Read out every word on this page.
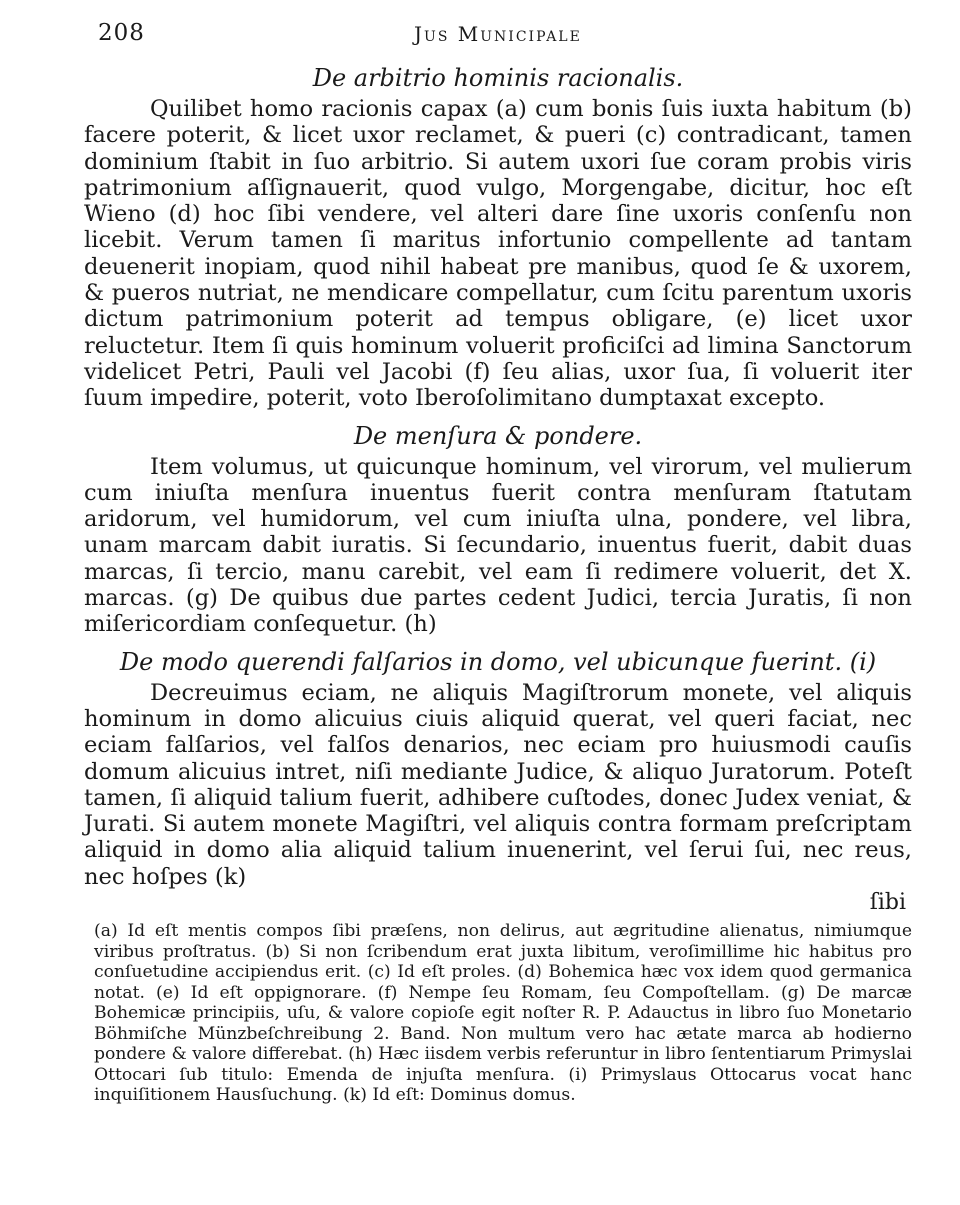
208	Jus Municipale
De arbitrio hominis racionalis.

Quilibet homo racionis capax (a) cum bonis ſuis iuxta habitum (b) facere poterit, & licet uxor reclamet, & pueri (c) contradicant, tamen dominium ſtabit in ſuo arbitrio. Si autem uxori ſue coram probis viris patrimonium aſſignauerit, quod vulgo, Morgengabe, dicitur, hoc eſt Wieno (d) hoc ſibi vendere, vel alteri dare ſine uxoris conſenſu non licebit. Verum tamen ſi maritus infortunio compellente ad tantam deuenerit inopiam, quod nihil habeat pre manibus, quod ſe & uxorem, & pueros nutriat, ne mendicare compellatur, cum ſcitu parentum uxoris dictum patrimonium poterit ad tempus obligare, (e) licet uxor reluctetur. Item ſi quis hominum voluerit proficiſci ad limina Sanctorum videlicet Petri, Pauli vel Jacobi (f) ſeu alias, uxor ſua, ſi voluerit iter ſuum impedire, poterit, voto Iberoſolimitano dumptaxat excepto.

De menſura & pondere.

Item volumus, ut quicunque hominum, vel virorum, vel mulierum cum iniuſta menſura inuentus fuerit contra menſuram ſtatutam aridorum, vel humidorum, vel cum iniuſta ulna, pondere, vel libra, unam marcam dabit iuratis. Si ſecundario, inuentus fuerit, dabit duas marcas, ſi tercio, manu carebit, vel eam ſi redimere voluerit, det X. marcas. (g) De quibus due partes cedent Judici, tercia Juratis, ſi non miſericordiam conſequetur. (h)

De modo querendi falſarios in domo, vel ubicunque fuerint. (i)

Decreuimus eciam, ne aliquis Magiſtrorum monete, vel aliquis hominum in domo alicuius ciuis aliquid querat, vel queri faciat, nec eciam falſarios, vel falſos denarios, nec eciam pro huiusmodi cauſis domum alicuius intret, niſi mediante Judice, & aliquo Juratorum. Poteſt tamen, ſi aliquid talium fuerit, adhibere cuſtodes, donec Judex veniat, & Jurati. Si autem monete Magiſtri, vel aliquis contra formam preſcriptam aliquid in domo alia aliquid talium inuenerint, vel ſerui ſui, nec reus, nec hoſpes (k)

ſibi

(a) Id eſt mentis compos ſibi præſens, non delirus, aut ægritudine alienatus, nimiumque viribus proſtratus. (b) Si non ſcribendum erat juxta libitum, veroſimillime hic habitus pro conſuetudine accipiendus erit. (c) Id eſt proles. (d) Bohemica hæc vox idem quod germanica notat. (e) Id eſt oppignorare. (f) Nempe ſeu Romam, ſeu Compoſtellam. (g) De marcæ Bohemicæ principiis, uſu, & valore copioſe egit noſter R. P. Adauctus in libro ſuo Monetario Böhmiſche Münzbeſchreibung 2. Band. Non multum vero hac ætate marca ab hodierno pondere & valore differebat. (h) Hæc iisdem verbis referuntur in libro ſententiarum Primyslai Ottocari ſub titulo: Emenda de injuſta menſura. (i) Primyslaus Ottocarus vocat hanc inquiſitionem Hausſuchung. (k) Id eſt: Dominus domus.
